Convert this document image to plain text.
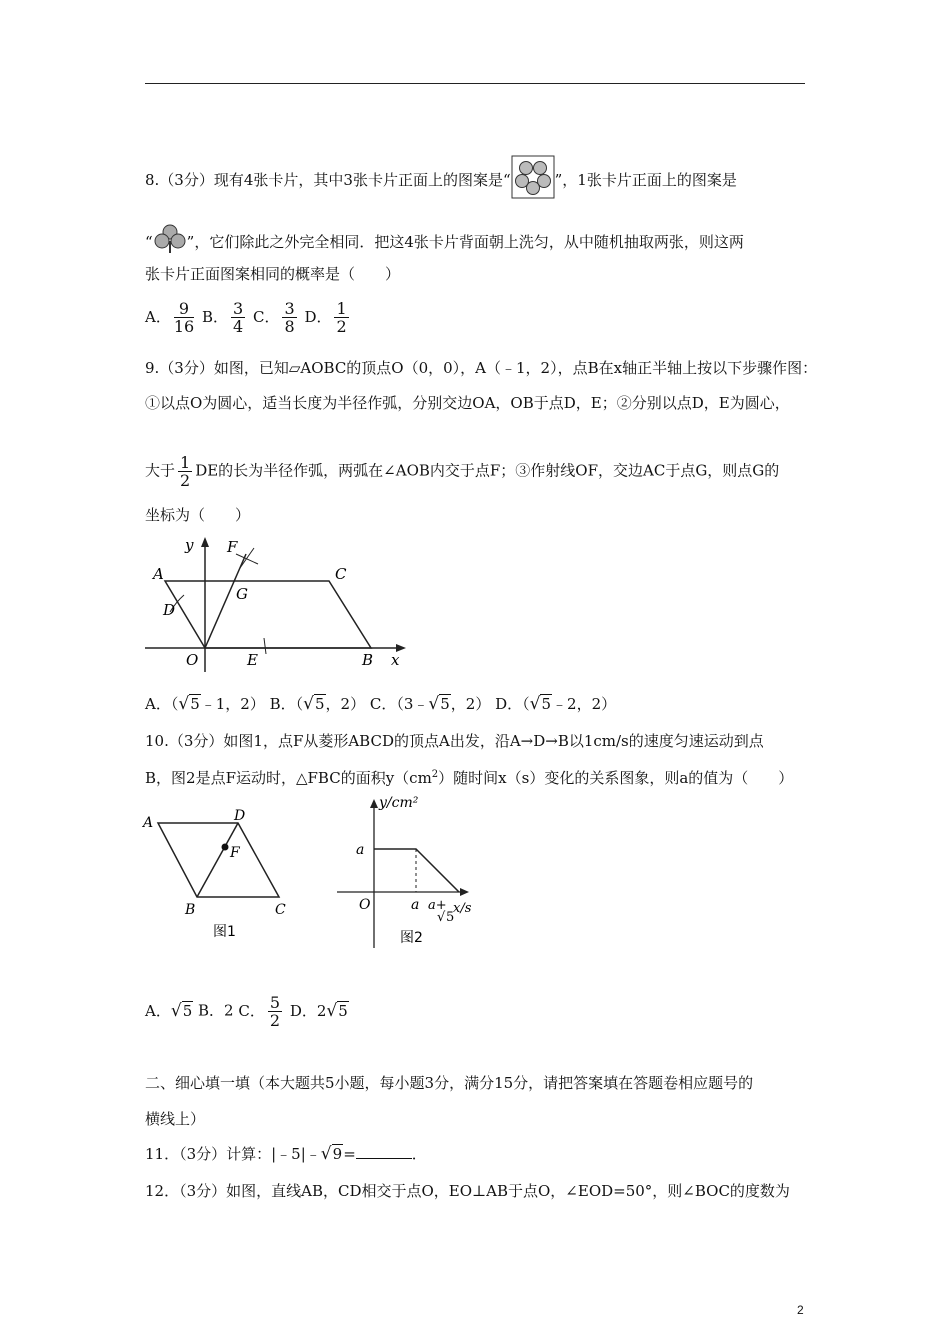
8.（3分）现有4张卡片，其中3张卡片正面上的图案是“	”，1张卡片正面上的图案是
“ ”，它们除此之外完全相同．把这4张卡片背面朝上洗匀，从中随机抽取两张，则这两
张卡片正面图案相同的概率是（　　）
A． $\frac{9}{16}$ B． $\frac{3}{4}$ C． $\frac{3}{8}$ D． $\frac{1}{2}$
9.（3分）如图，已知▱AOBC的顶点O（0，0），A（﹣1，2），点B在x轴正半轴上按以下步骤作图：
①以点O为圆心，适当长度为半径作弧，分别交边OA，OB于点D，E；②分别以点D，E为圆心，
大于 $\frac{1}{2}$ DE的长为半径作弧，两弧在∠AOB内交于点F；③作射线OF，交边AC于点G，则点G的
坐标为（　　）
A	C
D
F
G
O	E	B x
y
A．（√5﹣1，2） B．（√5，2） C．（3﹣√5，2） D．（√5﹣2，2）
10.（3分）如图1，点F从菱形ABCD的顶点A出发，沿A→D→B以1cm/s的速度匀速运动到点
B，图2是点F运动时，△FBC的面积$y(cm^2)$随时间x（s）变化的关系图象，则a的值为（　　）
A	D
F
B	C
图1
y/cm²
a
O	a a+
√ 5
x/s
图2
A．√5 B．2 C． $\frac{5}{2}$ D．2√5
二、细心填一填（本大题共5小题，每小题3分，满分15分，请把答案填在答题卷相应题号的
横线上）
11．（3分）计算：|﹣5|﹣√9=	．
12．（3分）如图，直线AB，CD相交于点O，EO⊥AB于点O，∠EOD=50°，则∠BOC的度数为
2
